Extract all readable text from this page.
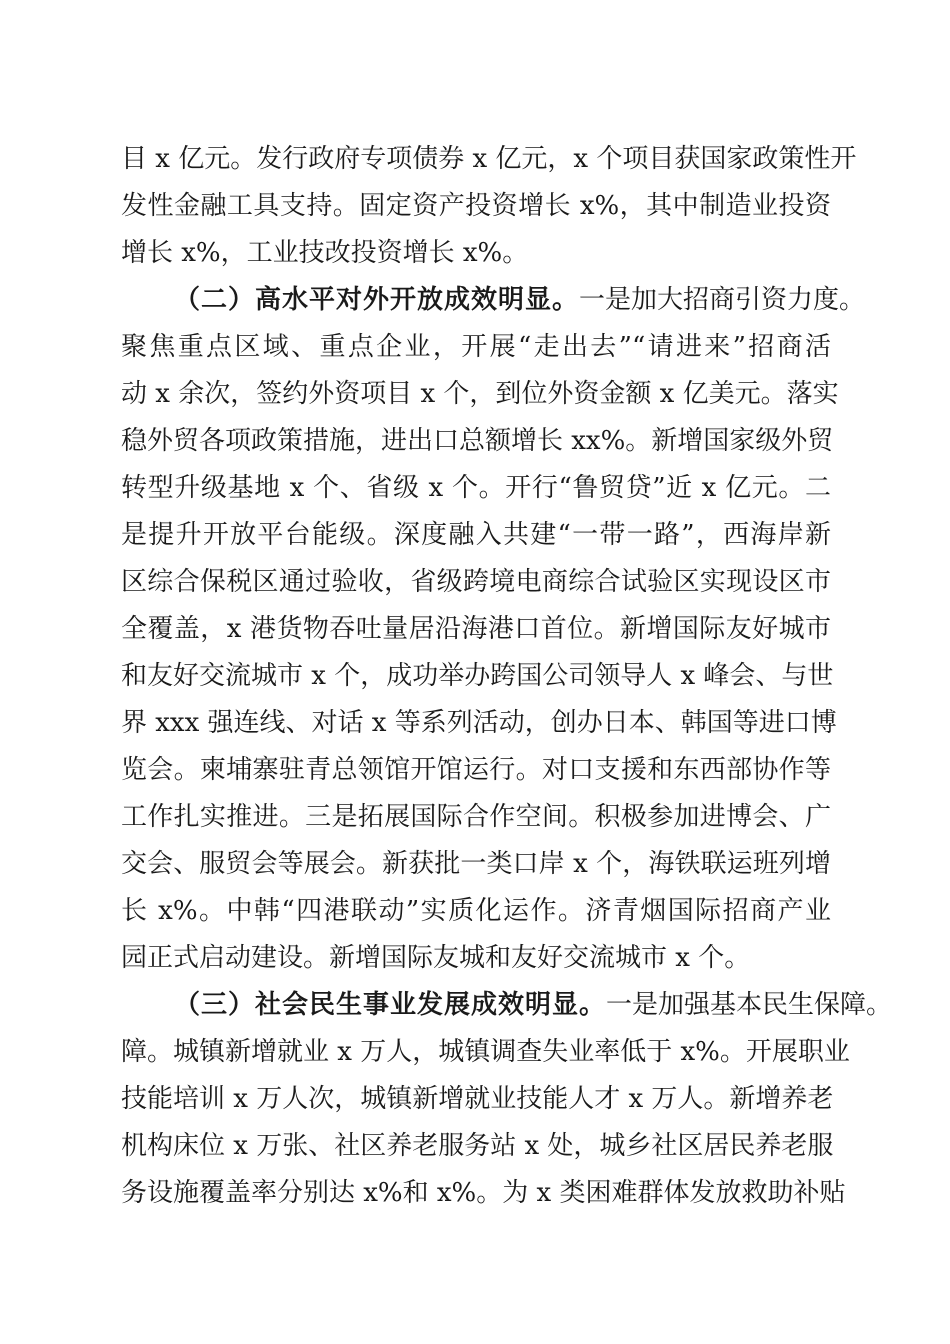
目 x 亿元。发行政府专项债券 x 亿元，x 个项目获国家政策性开
发性金融工具支持。固定资产投资增长 x%，其中制造业投资
增长 x%，工业技改投资增长 x%。
（二）高水平对外开放成效明显。一是加大招商引资力度。
聚焦重点区域、重点企业，开展“走出去”“请进来”招商活
动 x 余次，签约外资项目 x 个，到位外资金额 x 亿美元。落实
稳外贸各项政策措施，进出口总额增长 xx%。新增国家级外贸
转型升级基地 x 个、省级 x 个。开行“鲁贸贷”近 x 亿元。二
是提升开放平台能级。深度融入共建“一带一路”，西海岸新
区综合保税区通过验收，省级跨境电商综合试验区实现设区市
全覆盖，x 港货物吞吐量居沿海港口首位。新增国际友好城市
和友好交流城市 x 个，成功举办跨国公司领导人 x 峰会、与世
界 xxx 强连线、对话 x 等系列活动，创办日本、韩国等进口博
览会。柬埔寨驻青总领馆开馆运行。对口支援和东西部协作等
工作扎实推进。三是拓展国际合作空间。积极参加进博会、广
交会、服贸会等展会。新获批一类口岸 x 个，海铁联运班列增
长 x%。中韩“四港联动”实质化运作。济青烟国际招商产业
园正式启动建设。新增国际友城和友好交流城市 x 个。
（三）社会民生事业发展成效明显。一是加强基本民生保障。
障。城镇新增就业 x 万人，城镇调查失业率低于 x%。开展职业
技能培训 x 万人次，城镇新增就业技能人才 x 万人。新增养老
机构床位 x 万张、社区养老服务站 x 处，城乡社区居民养老服
务设施覆盖率分别达 x%和 x%。为 x 类困难群体发放救助补贴
